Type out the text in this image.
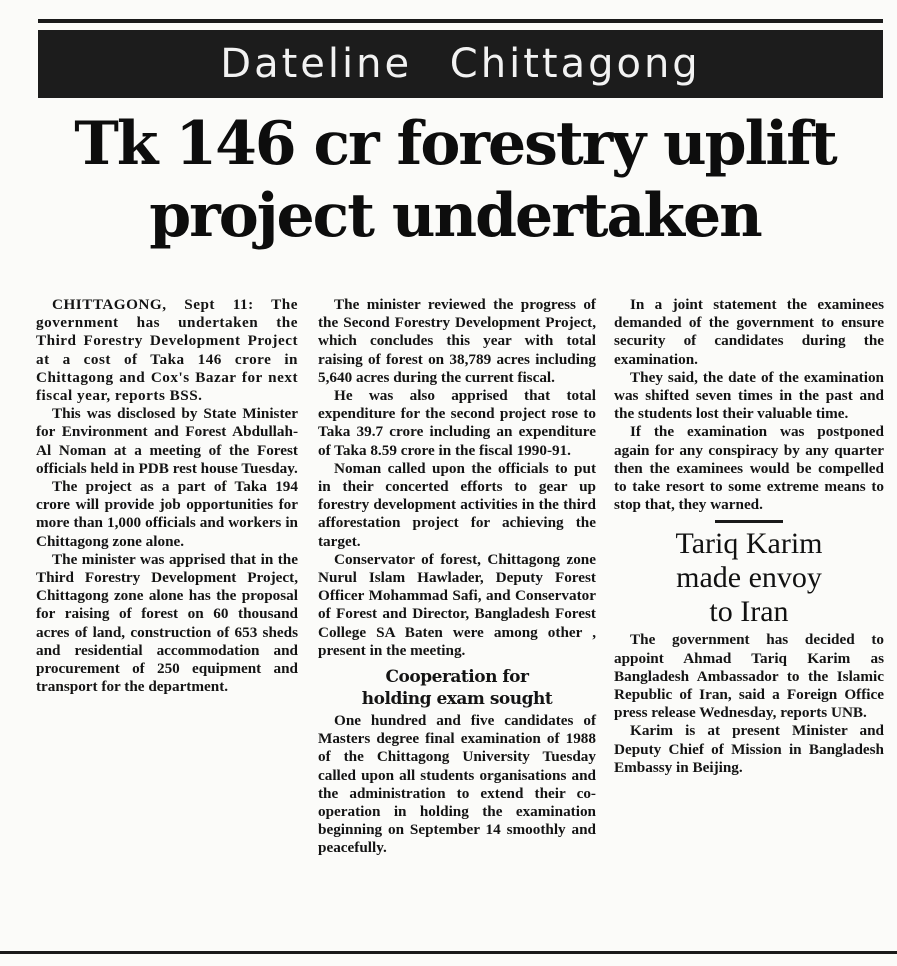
Dateline Chittagong
Tk 146 cr forestry uplift
project undertaken

CHITTAGONG, Sept 11: The government has undertaken the Third Forestry Development Project at a cost of Taka 146 crore in Chittagong and Cox's Bazar for next fiscal year, reports BSS.

This was disclosed by State Minister for Environment and Forest Abdullah-Al Noman at a meeting of the Forest officials held in PDB rest house Tuesday.

The project as a part of Taka 194 crore will provide job opportunities for more than 1,000 officials and workers in Chittagong zone alone.

The minister was apprised that in the Third Forestry Development Project, Chittagong zone alone has the proposal for raising of forest on 60 thousand acres of land, construction of 653 sheds and residential accommodation and procurement of 250 equipment and transport for the department.

The minister reviewed the progress of the Second Forestry Development Project, which concludes this year with total raising of forest on 38,789 acres including 5,640 acres during the current fiscal.

He was also apprised that total expenditure for the second project rose to Taka 39.7 crore including an expenditure of Taka 8.59 crore in the fiscal 1990-91.

Noman called upon the officials to put in their concerted efforts to gear up forestry development activities in the third afforestation project for achieving the target.

Conservator of forest, Chittagong zone Nurul Islam Hawlader, Deputy Forest Officer Mohammad Safi, and Conservator of Forest and Director, Bangladesh Forest College SA Baten were among other , present in the meeting.

Cooperation for
holding exam sought

One hundred and five candidates of Masters degree final examination of 1988 of the Chittagong University Tuesday called upon all students organisations and the administration to extend their co-operation in holding the examination beginning on September 14 smoothly and peacefully.

In a joint statement the examinees demanded of the government to ensure security of candidates during the examination.

They said, the date of the examination was shifted seven times in the past and the students lost their valuable time.

If the examination was postponed again for any conspiracy by any quarter then the examinees would be compelled to take resort to some extreme means to stop that, they warned.

Tariq Karim
made envoy
to Iran

The government has decided to appoint Ahmad Tariq Karim as Bangladesh Ambassador to the Islamic Republic of Iran, said a Foreign Office press release Wednesday, reports UNB.

Karim is at present Minister and Deputy Chief of Mission in Bangladesh Embassy in Beijing.
